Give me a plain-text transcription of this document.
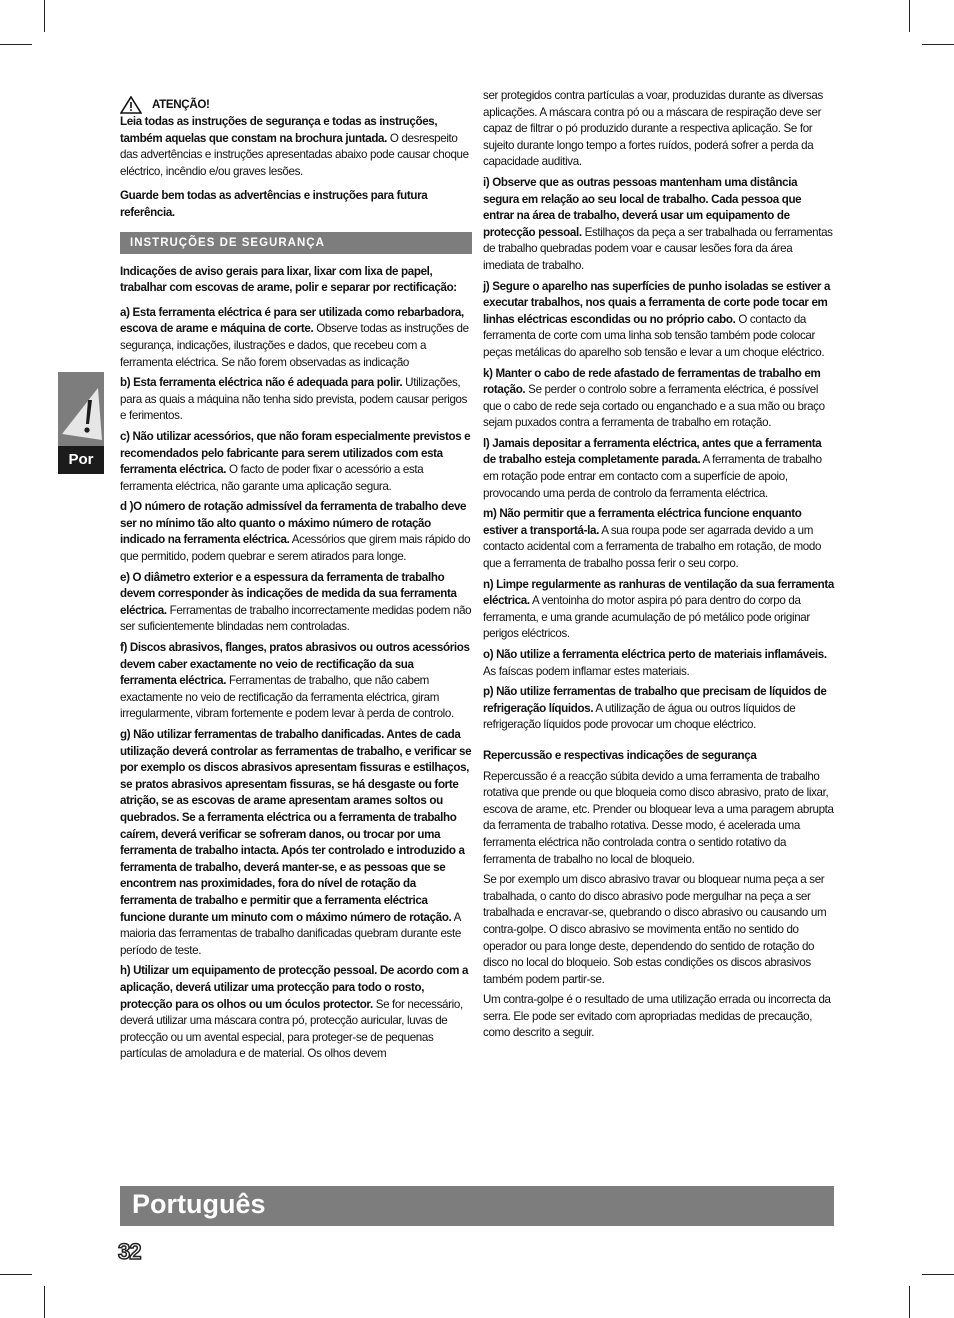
Por
ATENÇÃO!

Leia todas as instruções de segurança e todas as instruções, também aquelas que constam na brochura juntada. O desrespeito das advertências e instruções apresentadas abaixo pode causar choque eléctrico, incêndio e/ou graves lesões.

Guarde bem todas as advertências e instruções para futura referência.

INSTRUÇÕES DE SEGURANÇA

Indicações de aviso gerais para lixar, lixar com lixa de papel, trabalhar com escovas de arame, polir e separar por rectificação:

a) Esta ferramenta eléctrica é para ser utilizada como rebarbadora, escova de arame e máquina de corte. Observe todas as instruções de segurança, indicações, ilustrações e dados, que recebeu com a ferramenta eléctrica. Se não forem observadas as indicação

b) Esta ferramenta eléctrica não é adequada para polir. Utilizações, para as quais a máquina não tenha sido prevista, podem causar perigos e ferimentos.

c) Não utilizar acessórios, que não foram especialmente previstos e recomendados pelo fabricante para serem utilizados com esta ferramenta eléctrica. O facto de poder fixar o acessório a esta ferramenta eléctrica, não garante uma aplicação segura.

d )O número de rotação admissível da ferramenta de trabalho deve ser no mínimo tão alto quanto o máximo número de rotação indicado na ferramenta eléctrica. Acessórios que girem mais rápido do que permitido, podem quebrar e serem atirados para longe.

e) O diâmetro exterior e a espessura da ferramenta de trabalho devem corresponder às indicações de medida da sua ferramenta eléctrica. Ferramentas de trabalho incorrectamente medidas podem não ser suficientemente blindadas nem controladas.

f) Discos abrasivos, flanges, pratos abrasivos ou outros acessórios devem caber exactamente no veio de rectificação da sua ferramenta eléctrica. Ferramentas de trabalho, que não cabem exactamente no veio de rectificação da ferramenta eléctrica, giram irregularmente, vibram fortemente e podem levar à perda de controlo.

g) Não utilizar ferramentas de trabalho danificadas. Antes de cada utilização deverá controlar as ferramentas de trabalho, e verificar se por exemplo os discos abrasivos apresentam fissuras e estilhaços, se pratos abrasivos apresentam fissuras, se há desgaste ou forte atrição, se as escovas de arame apresentam arames soltos ou quebrados. Se a ferramenta eléctrica ou a ferramenta de trabalho caírem, deverá verificar se sofreram danos, ou trocar por uma ferramenta de trabalho intacta. Após ter controlado e introduzido a ferramenta de trabalho, deverá manter-se, e as pessoas que se encontrem nas proximidades, fora do nível de rotação da ferramenta de trabalho e permitir que a ferramenta eléctrica funcione durante um minuto com o máximo número de rotação. A maioria das ferramentas de trabalho danificadas quebram durante este período de teste.

h) Utilizar um equipamento de protecção pessoal. De acordo com a aplicação, deverá utilizar uma protecção para todo o rosto, protecção para os olhos ou um óculos protector. Se for necessário, deverá utilizar uma máscara contra pó, protecção auricular, luvas de protecção ou um avental especial, para proteger-se de pequenas partículas de amoladura e de material. Os olhos devem

ser protegidos contra partículas a voar, produzidas durante as diversas aplicações. A máscara contra pó ou a máscara de respiração deve ser capaz de filtrar o pó produzido durante a respectiva aplicação. Se for sujeito durante longo tempo a fortes ruídos, poderá sofrer a perda da capacidade auditiva.

i) Observe que as outras pessoas mantenham uma distância segura em relação ao seu local de trabalho. Cada pessoa que entrar na área de trabalho, deverá usar um equipamento de protecção pessoal. Estilhaços da peça a ser trabalhada ou ferramentas de trabalho quebradas podem voar e causar lesões fora da área imediata de trabalho.

j) Segure o aparelho nas superfícies de punho isoladas se estiver a executar trabalhos, nos quais a ferramenta de corte pode tocar em linhas eléctricas escondidas ou no próprio cabo. O contacto da ferramenta de corte com uma linha sob tensão também pode colocar peças metálicas do aparelho sob tensão e levar a um choque eléctrico.

k) Manter o cabo de rede afastado de ferramentas de trabalho em rotação. Se perder o controlo sobre a ferramenta eléctrica, é possível que o cabo de rede seja cortado ou enganchado e a sua mão ou braço sejam puxados contra a ferramenta de trabalho em rotação.

l) Jamais depositar a ferramenta eléctrica, antes que a ferramenta de trabalho esteja completamente parada. A ferramenta de trabalho em rotação pode entrar em contacto com a superfície de apoio, provocando uma perda de controlo da ferramenta eléctrica.

m) Não permitir que a ferramenta eléctrica funcione enquanto estiver a transportá-la. A sua roupa pode ser agarrada devido a um contacto acidental com a ferramenta de trabalho em rotação, de modo que a ferramenta de trabalho possa ferir o seu corpo.

n) Limpe regularmente as ranhuras de ventilação da sua ferramenta eléctrica. A ventoinha do motor aspira pó para dentro do corpo da ferramenta, e uma grande acumulação de pó metálico pode originar perigos eléctricos.

o) Não utilize a ferramenta eléctrica perto de materiais inflamáveis. As faíscas podem inflamar estes materiais.

p) Não utilize ferramentas de trabalho que precisam de líquidos de refrigeração líquidos. A utilização de água ou outros líquidos de refrigeração líquidos pode provocar um choque eléctrico.

Repercussão e respectivas indicações de segurança

Repercussão é a reacção súbita devido a uma ferramenta de trabalho rotativa que prende ou que bloqueia como disco abrasivo, prato de lixar, escova de arame, etc. Prender ou bloquear leva a uma paragem abrupta da ferramenta de trabalho rotativa. Desse modo, é acelerada uma ferramenta eléctrica não controlada contra o sentido rotativo da ferramenta de trabalho no local de bloqueio.

Se por exemplo um disco abrasivo travar ou bloquear numa peça a ser trabalhada, o canto do disco abrasivo pode mergulhar na peça a ser trabalhada e encravar-se, quebrando o disco abrasivo ou causando um contra-golpe. O disco abrasivo se movimenta então no sentido do operador ou para longe deste, dependendo do sentido de rotação do disco no local do bloqueio. Sob estas condições os discos abrasivos também podem partir-se.

Um contra-golpe é o resultado de uma utilização errada ou incorrecta da serra. Ele pode ser evitado com apropriadas medidas de precaução, como descrito a seguir.

Português
32
